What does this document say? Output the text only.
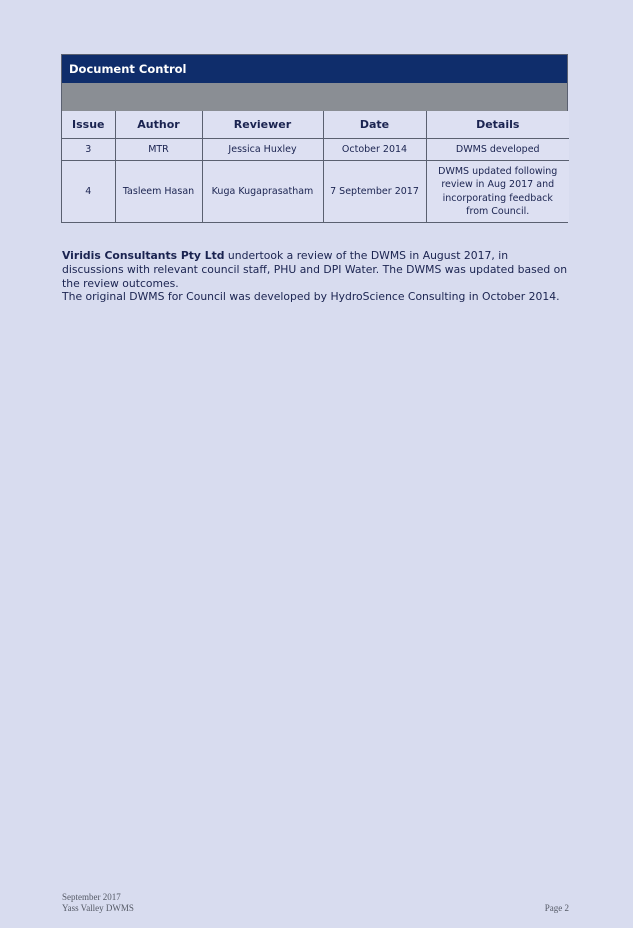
Document Control
Issue	Author	Reviewer	Date	Details
3	MTR	Jessica Huxley	October 2014	DWMS developed
4	Tasleem Hasan	Kuga Kugaprasatham	7 September 2017	DWMS updated following review in Aug 2017 and incorporating feedback from Council.

Viridis Consultants Pty Ltd undertook a review of the DWMS in August 2017, in discussions with relevant council staff, PHU and DPI Water. The DWMS was updated based on the review outcomes.

The original DWMS for Council was developed by HydroScience Consulting in October 2014.

September 2017
Yass Valley DWMS	Page 2
